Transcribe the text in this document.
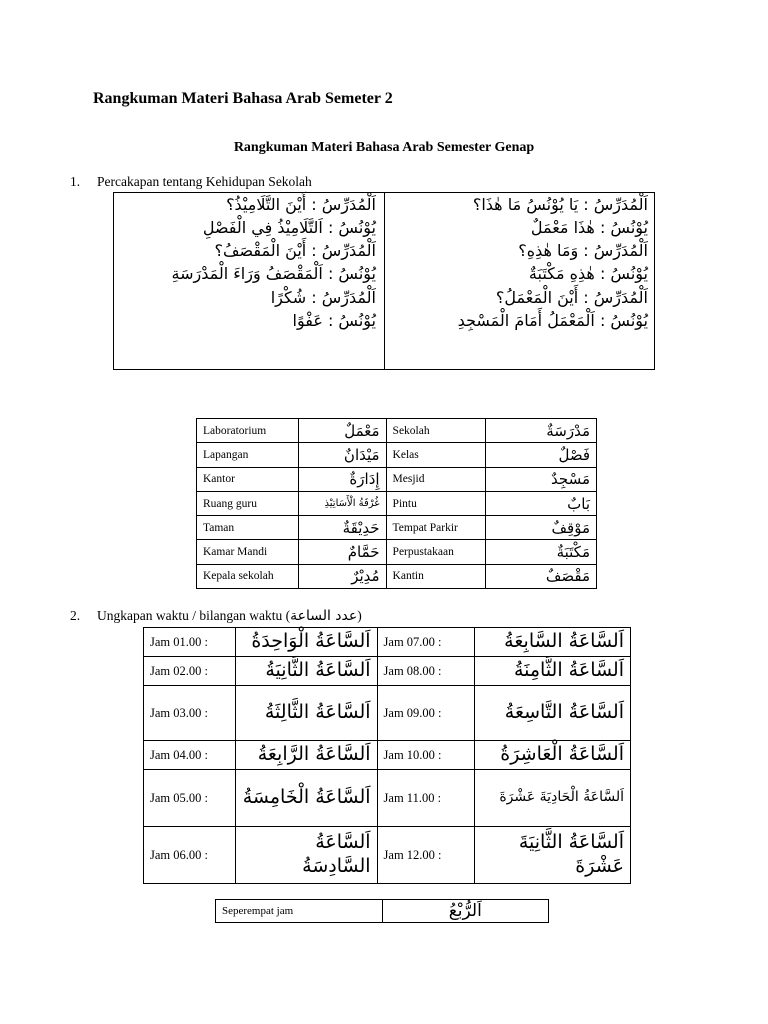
Rangkuman Materi Bahasa Arab Semeter 2
Rangkuman Materi Bahasa Arab Semester Genap
1. Percakapan tentang Kehidupan Sekolah
اَلْمُدَرِّسُ : أَيْنَ التَّلَامِيْذُ؟
يُوْنُسُ : اَلتَّلَامِيْذُ فِي الْفَصْلِ
اَلْمُدَرِّسُ : أَيْنَ الْمَقْصَفُ؟
يُوْنُسُ : اَلْمَقْصَفُ وَرَاءَ الْمَدْرَسَةِ
اَلْمُدَرِّسُ : شُكْرًا
يُوْنُسُ : عَفْوًا
اَلْمُدَرِّسُ : يَا يُوْنُسُ مَا هٰذَا؟
يُوْنُسُ : هٰذَا مَعْمَلٌ
اَلْمُدَرِّسُ : وَمَا هٰذِهِ؟
يُوْنُسُ : هٰذِهِ مَكْتَبَةٌ
اَلْمُدَرِّسُ : أَيْنَ الْمَعْمَلُ؟
يُوْنُسُ : اَلْمَعْمَلُ أَمَامَ الْمَسْجِدِ
Laboratorium	مَعْمَلٌ	Sekolah	مَدْرَسَةٌ
Lapangan	مَيْدَانٌ	Kelas	فَصْلٌ
Kantor	إِدَارَةٌ	Mesjid	مَسْجِدٌ
Ruang guru	غُرْفَةُ الْأَسَاتِيْذِ	Pintu	بَابٌ
Taman	حَدِيْقَةٌ	Tempat Parkir	مَوْقِفٌ
Kamar Mandi	حَمَّامٌ	Perpustakaan	مَكْتَبَةٌ
Kepala sekolah	مُدِيْرٌ	Kantin	مَقْصَفٌ
2. Ungkapan waktu / bilangan waktu (عدد الساعة)
Jam 01.00 :	اَلسَّاعَةُ الْوَاحِدَةُ	Jam 07.00 :	اَلسَّاعَةُ السَّابِعَةُ
Jam 02.00 :	اَلسَّاعَةُ الثَّانِيَةُ	Jam 08.00 :	اَلسَّاعَةُ الثَّامِنَةُ
Jam 03.00 :	اَلسَّاعَةُ الثَّالِثَةُ	Jam 09.00 :	اَلسَّاعَةُ التَّاسِعَةُ
Jam 04.00 :	اَلسَّاعَةُ الرَّابِعَةُ	Jam 10.00 :	اَلسَّاعَةُ الْعَاشِرَةُ
Jam 05.00 :	اَلسَّاعَةُ الْخَامِسَةُ	Jam 11.00 :	اَلسَّاعَةُ الْحَادِيَةَ عَشْرَةَ
Jam 06.00 :	اَلسَّاعَةُ السَّادِسَةُ	Jam 12.00 :	اَلسَّاعَةُ الثَّانِيَةَ عَشْرَةَ
Seperempat jam	اَلرُّبْعُ
